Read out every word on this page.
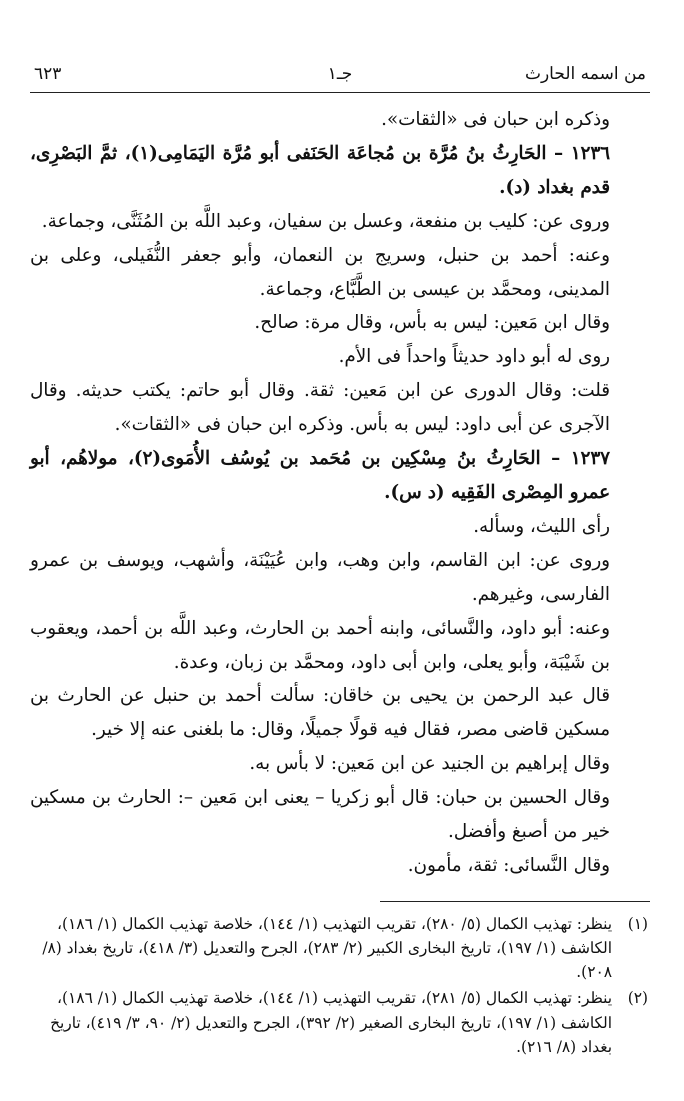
من اسمه الحارث
جـ١
٦٢٣

وذكره ابن حبان فى «الثقات».

١٢٣٦ – الحَارِثُ بنُ مُرَّة بن مُجاعَة الحَنَفى أبو مُرَّة اليَمَامِى(١)، ثمَّ البَصْرِى، قدم بغداد (د).

وروى عن: كليب بن منفعة، وعسل بن سفيان، وعبد اللَّه بن المُثَنَّى، وجماعة.

وعنه: أحمد بن حنبل، وسريج بن النعمان، وأبو جعفر النُّفَيلى، وعلى بن المدينى، ومحمَّد بن عيسى بن الطَّبَّاع، وجماعة.

وقال ابن مَعين: ليس به بأس، وقال مرة: صالح.

روى له أبو داود حديثاً واحداً فى الأم.

قلت: وقال الدورى عن ابن مَعين: ثقة. وقال أبو حاتم: يكتب حديثه. وقال الآجرى عن أبى داود: ليس به بأس. وذكره ابن حبان فى «الثقات».

١٢٣٧ – الحَارِثُ بنُ مِسْكِين بن مُحَمد بن يُوسُف الأُمَوى(٢)، مولاهُم، أبو عمرو المِصْرى الفَقِيه (د س).

رأى الليث، وسأله.

وروى عن: ابن القاسم، وابن وهب، وابن عُيَيْنَة، وأشهب، ويوسف بن عمرو الفارسى، وغيرهم.

وعنه: أبو داود، والنَّسائى، وابنه أحمد بن الحارث، وعبد اللَّه بن أحمد، ويعقوب بن شَيْبَة، وأبو يعلى، وابن أبى داود، ومحمَّد بن زبان، وعدة.

قال عبد الرحمن بن يحيى بن خاقان: سألت أحمد بن حنبل عن الحارث بن مسكين قاضى مصر، فقال فيه قولًا جميلًا، وقال: ما بلغنى عنه إلا خير.

وقال إبراهيم بن الجنيد عن ابن مَعين: لا بأس به.

وقال الحسين بن حبان: قال أبو زكريا – يعنى ابن مَعين –: الحارث بن مسكين خير من أصبغ وأفضل.

وقال النَّسائى: ثقة، مأمون.

(١)
ينظر: تهذيب الكمال (٥/ ٢٨٠)، تقريب التهذيب (١/ ١٤٤)، خلاصة تهذيب الكمال (١/ ١٨٦)، الكاشف (١/ ١٩٧)، تاريخ البخارى الكبير (٢/ ٢٨٣)، الجرح والتعديل (٣/ ٤١٨)، تاريخ بغداد (٨/ ٢٠٨).
(٢)
ينظر: تهذيب الكمال (٥/ ٢٨١)، تقريب التهذيب (١/ ١٤٤)، خلاصة تهذيب الكمال (١/ ١٨٦)، الكاشف (١/ ١٩٧)، تاريخ البخارى الصغير (٢/ ٣٩٢)، الجرح والتعديل (٢/ ٩٠، ٣/ ٤١٩)، تاريخ بغداد (٨/ ٢١٦).
